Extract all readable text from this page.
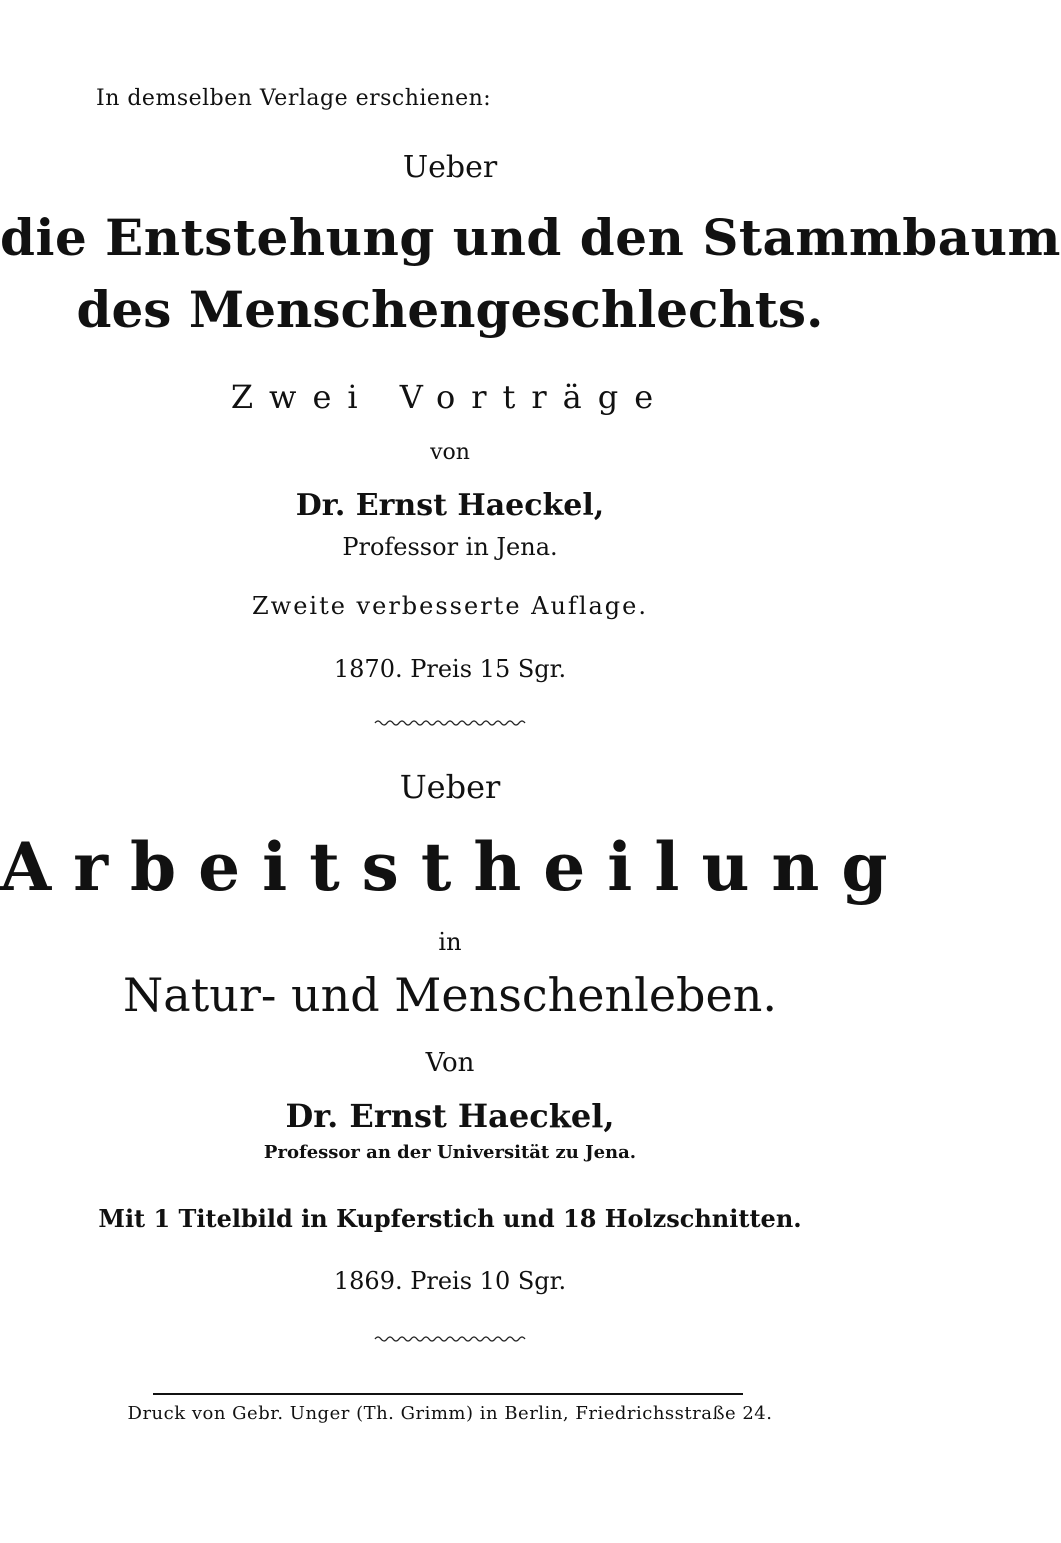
In demselben Verlage erschienen:
Ueber
die Entstehung und den Stammbaum
des Menschengeschlechts.
Zwei Vorträge
von
Dr. Ernst Haeckel,
Professor in Jena.
Zweite verbesserte Auflage.
1870. Preis 15 Sgr.
Ueber
Arbeitstheilung
in
Natur- und Menschenleben.
Von
Dr. Ernst Haeckel,
Professor an der Universität zu Jena.
Mit 1 Titelbild in Kupferstich und 18 Holzschnitten.
1869. Preis 10 Sgr.
Druck von Gebr. Unger (Th. Grimm) in Berlin, Friedrichsstraße 24.
